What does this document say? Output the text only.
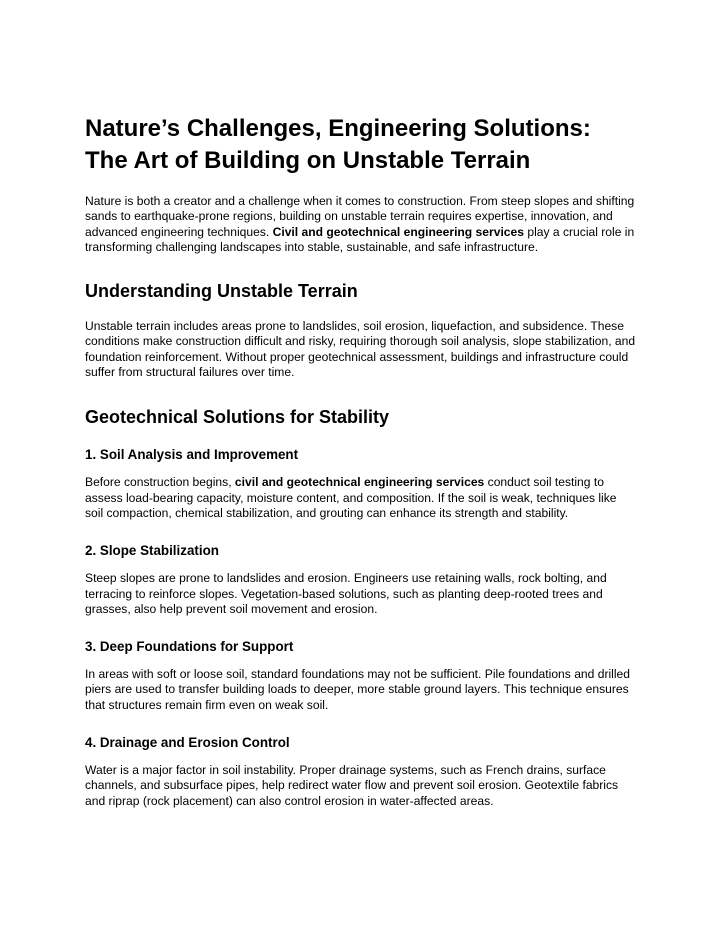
Nature’s Challenges, Engineering Solutions: The Art of Building on Unstable Terrain

Nature is both a creator and a challenge when it comes to construction. From steep slopes and shifting sands to earthquake-prone regions, building on unstable terrain requires expertise, innovation, and advanced engineering techniques. Civil and geotechnical engineering services play a crucial role in transforming challenging landscapes into stable, sustainable, and safe infrastructure.

Understanding Unstable Terrain

Unstable terrain includes areas prone to landslides, soil erosion, liquefaction, and subsidence. These conditions make construction difficult and risky, requiring thorough soil analysis, slope stabilization, and foundation reinforcement. Without proper geotechnical assessment, buildings and infrastructure could suffer from structural failures over time.

Geotechnical Solutions for Stability
1. Soil Analysis and Improvement

Before construction begins, civil and geotechnical engineering services conduct soil testing to assess load-bearing capacity, moisture content, and composition. If the soil is weak, techniques like soil compaction, chemical stabilization, and grouting can enhance its strength and stability.

2. Slope Stabilization

Steep slopes are prone to landslides and erosion. Engineers use retaining walls, rock bolting, and terracing to reinforce slopes. Vegetation-based solutions, such as planting deep-rooted trees and grasses, also help prevent soil movement and erosion.

3. Deep Foundations for Support

In areas with soft or loose soil, standard foundations may not be sufficient. Pile foundations and drilled piers are used to transfer building loads to deeper, more stable ground layers. This technique ensures that structures remain firm even on weak soil.

4. Drainage and Erosion Control

Water is a major factor in soil instability. Proper drainage systems, such as French drains, surface channels, and subsurface pipes, help redirect water flow and prevent soil erosion. Geotextile fabrics and riprap (rock placement) can also control erosion in water-affected areas.
